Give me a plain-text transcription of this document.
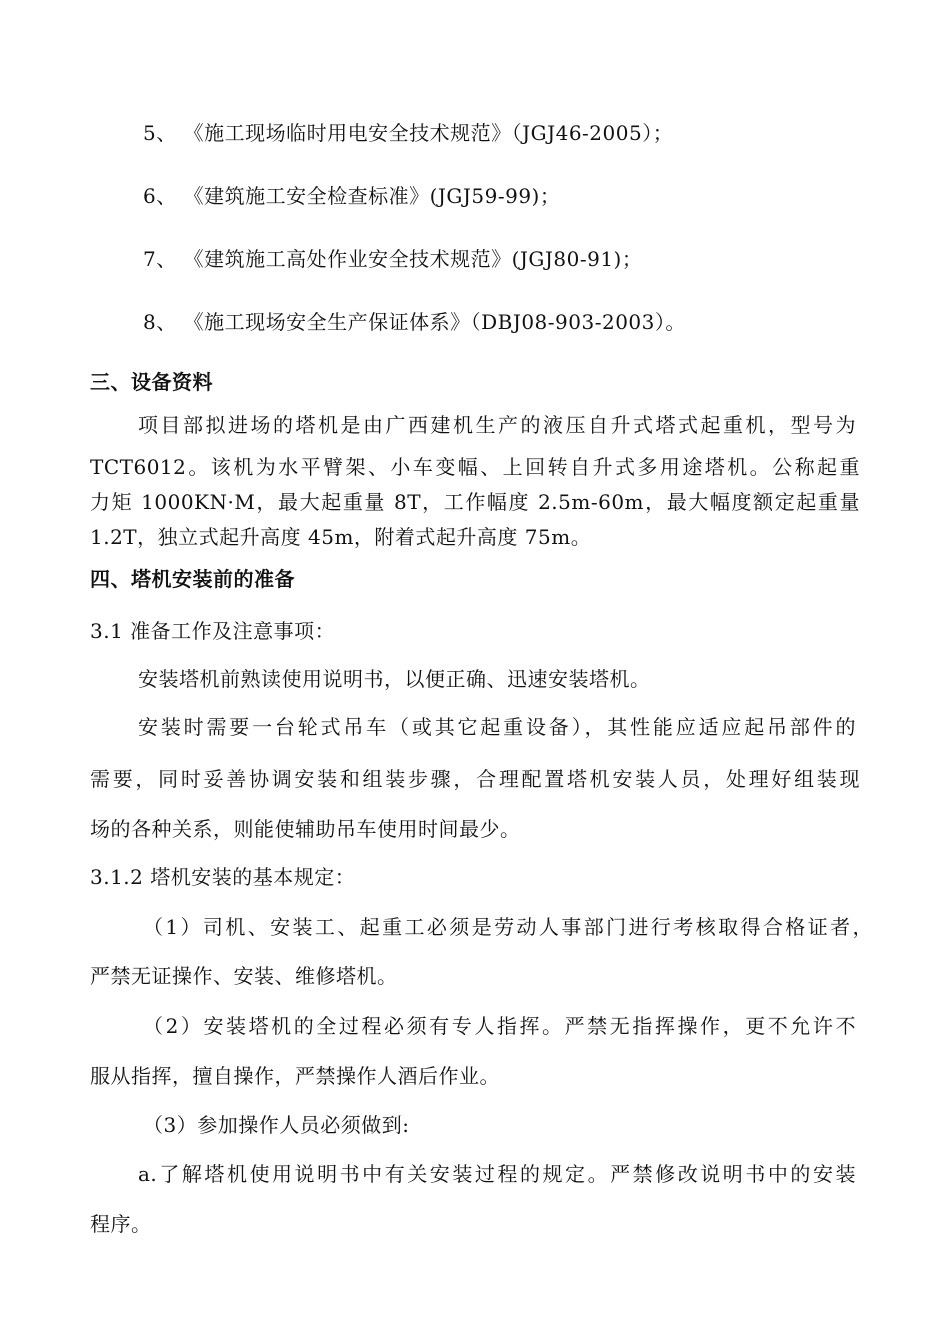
5、 《施工现场临时用电安全技术规范》（JGJ46-2005）；
6、 《建筑施工安全检查标准》(JGJ59-99)；
7、 《建筑施工高处作业安全技术规范》(JGJ80-91)；
8、 《施工现场安全生产保证体系》（DBJ08-903-2003）。
三、设备资料
项目部拟进场的塔机是由广西建机生产的液压自升式塔式起重机，型号为
TCT6012。该机为水平臂架、小车变幅、上回转自升式多用途塔机。公称起重
力矩 1000KN·M，最大起重量 8T，工作幅度 2.5m-60m，最大幅度额定起重量
1.2T，独立式起升高度 45m，附着式起升高度 75m。
四、塔机安装前的准备
3.1 准备工作及注意事项：
安装塔机前熟读使用说明书，以便正确、迅速安装塔机。
安装时需要一台轮式吊车（或其它起重设备），其性能应适应起吊部件的
需要，同时妥善协调安装和组装步骤，合理配置塔机安装人员，处理好组装现
场的各种关系，则能使辅助吊车使用时间最少。
3.1.2 塔机安装的基本规定：
（1）司机、安装工、起重工必须是劳动人事部门进行考核取得合格证者，
严禁无证操作、安装、维修塔机。
（2）安装塔机的全过程必须有专人指挥。严禁无指挥操作，更不允许不
服从指挥，擅自操作，严禁操作人酒后作业。
（3）参加操作人员必须做到:
a.了解塔机使用说明书中有关安装过程的规定。严禁修改说明书中的安装
程序。
